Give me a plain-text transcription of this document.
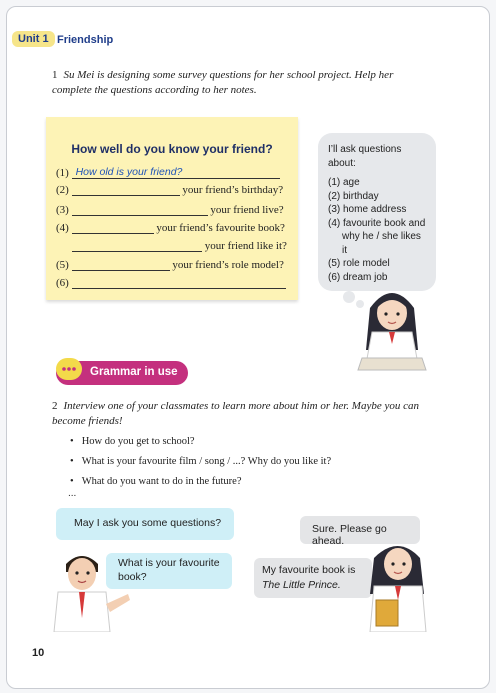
Unit 1 Friendship
1 Su Mei is designing some survey questions for her school project. Help her complete the questions according to her notes.
How well do you know your friend?
(1) How old is your friend?
(2)	your friend’s birthday?
(3)	your friend live?
(4)	your friend’s favourite book?
your friend like it?
(5)	your friend’s role model?
(6)
I’ll ask questions about:
(1) age
(2) birthday
(3) home address
(4) favourite book and
why he / she likes it
(5) role model
(6) dream job
Grammar in use
2 Interview one of your classmates to learn more about him or her. Maybe you can become friends!
• How do you get to school?
• What is your favourite film / song / ...? Why do you like it?
• What do you want to do in the future?
...
May I ask you some questions?
What is your favourite book?
Sure. Please go ahead.
My favourite book is
The Little Prince.
10
